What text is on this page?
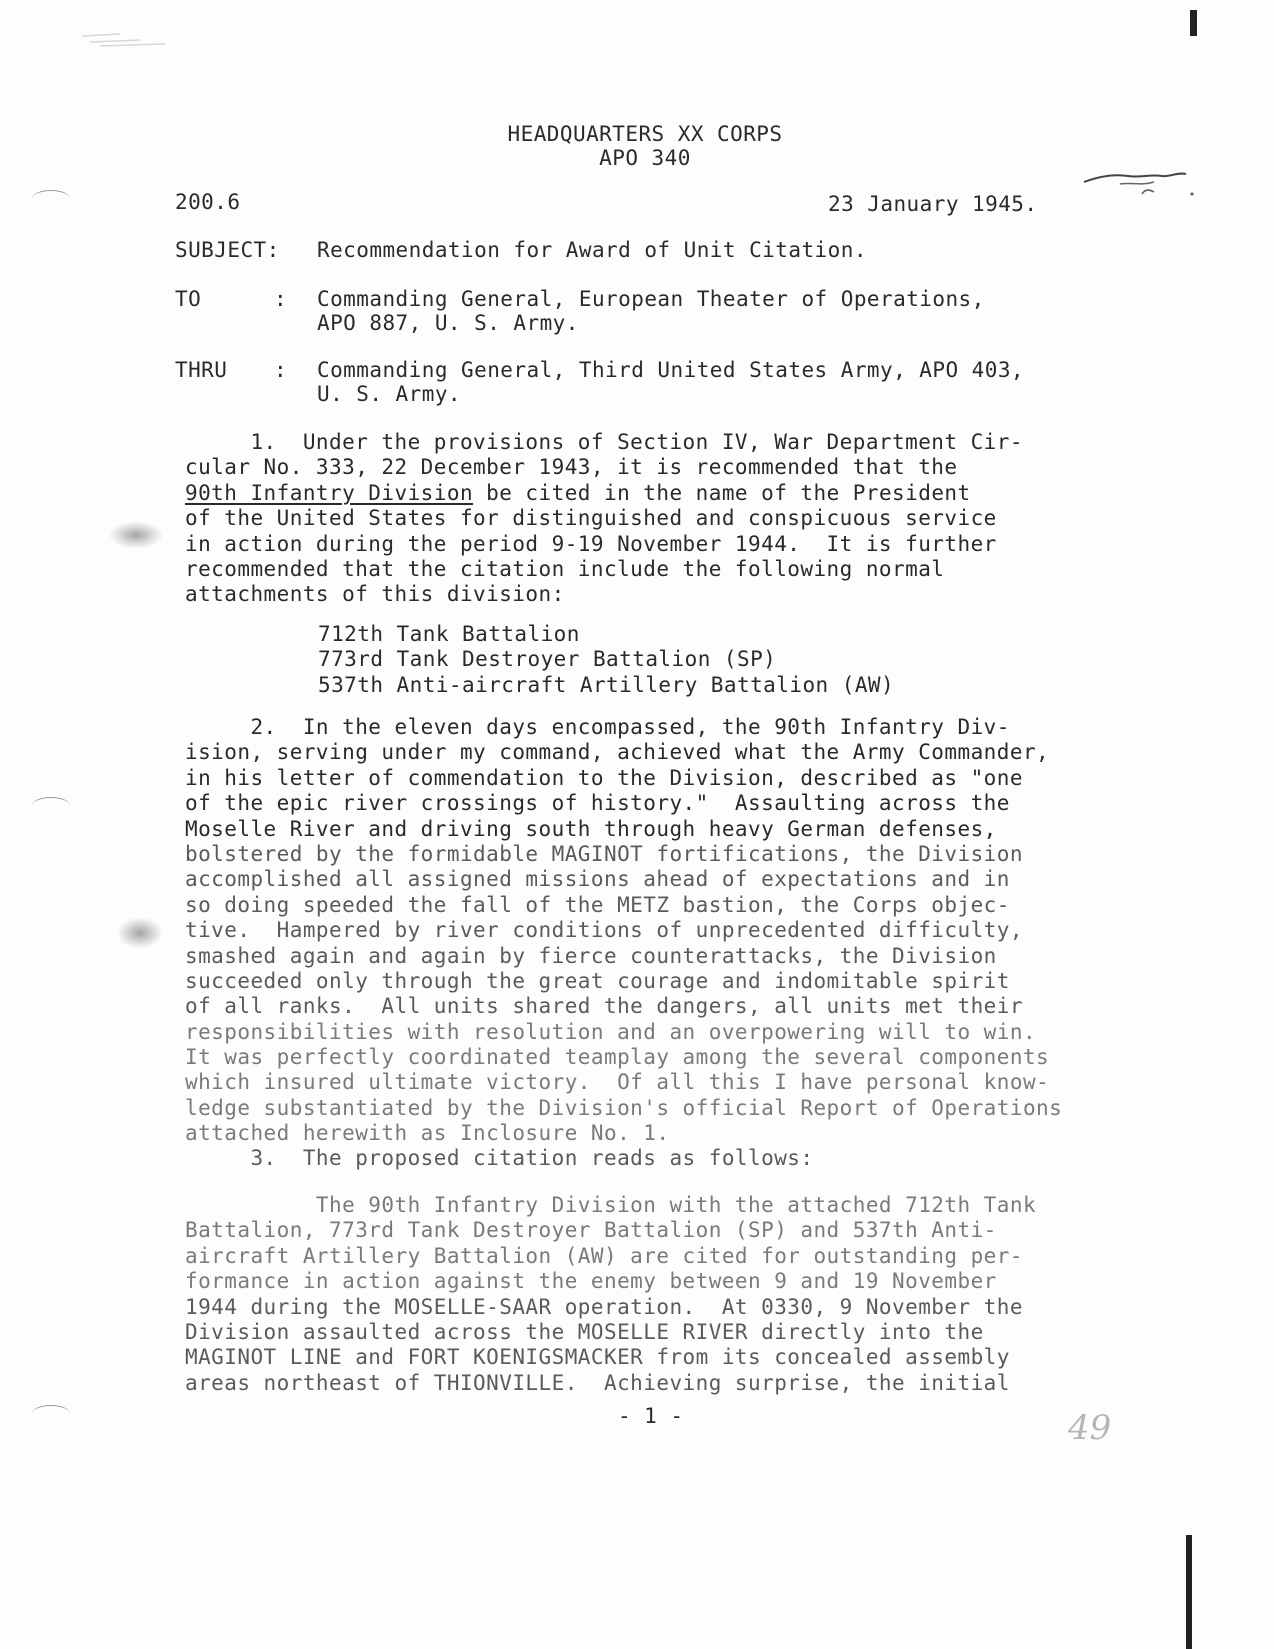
HEADQUARTERS XX CORPS
APO 340
200.6	23 January 1945.
SUBJECT: Recommendation for Award of Unit Citation.
TO	: Commanding General, European Theater of Operations,
APO 887, U. S. Army.
THRU : Commanding General, Third United States Army, APO 403,
U. S. Army.
1.  Under the provisions of Section IV, War Department Cir-
cular No. 333, 22 December 1943, it is recommended that the
90th Infantry Division be cited in the name of the President
of the United States for distinguished and conspicuous service
in action during the period 9-19 November 1944.  It is further
recommended that the citation include the following normal
attachments of this division:
712th Tank Battalion
773rd Tank Destroyer Battalion (SP)
537th Anti-aircraft Artillery Battalion (AW)
2.  In the eleven days encompassed, the 90th Infantry Div-
ision, serving under my command, achieved what the Army Commander,
in his letter of commendation to the Division, described as "one
of the epic river crossings of history."  Assaulting across the
Moselle River and driving south through heavy German defenses,
bolstered by the formidable MAGINOT fortifications, the Division
accomplished all assigned missions ahead of expectations and in
so doing speeded the fall of the METZ bastion, the Corps objec-
tive.  Hampered by river conditions of unprecedented difficulty,
smashed again and again by fierce counterattacks, the Division
succeeded only through the great courage and indomitable spirit
of all ranks.  All units shared the dangers, all units met their
responsibilities with resolution and an overpowering will to win.
It was perfectly coordinated teamplay among the several components
which insured ultimate victory.  Of all this I have personal know-
ledge substantiated by the Division's official Report of Operations
attached herewith as Inclosure No. 1.
3.  The proposed citation reads as follows:
The 90th Infantry Division with the attached 712th Tank
Battalion, 773rd Tank Destroyer Battalion (SP) and 537th Anti-
aircraft Artillery Battalion (AW) are cited for outstanding per-
formance in action against the enemy between 9 and 19 November
1944 during the MOSELLE-SAAR operation.  At 0330, 9 November the
Division assaulted across the MOSELLE RIVER directly into the
MAGINOT LINE and FORT KOENIGSMACKER from its concealed assembly
areas northeast of THIONVILLE.  Achieving surprise, the initial
- 1 -	49
